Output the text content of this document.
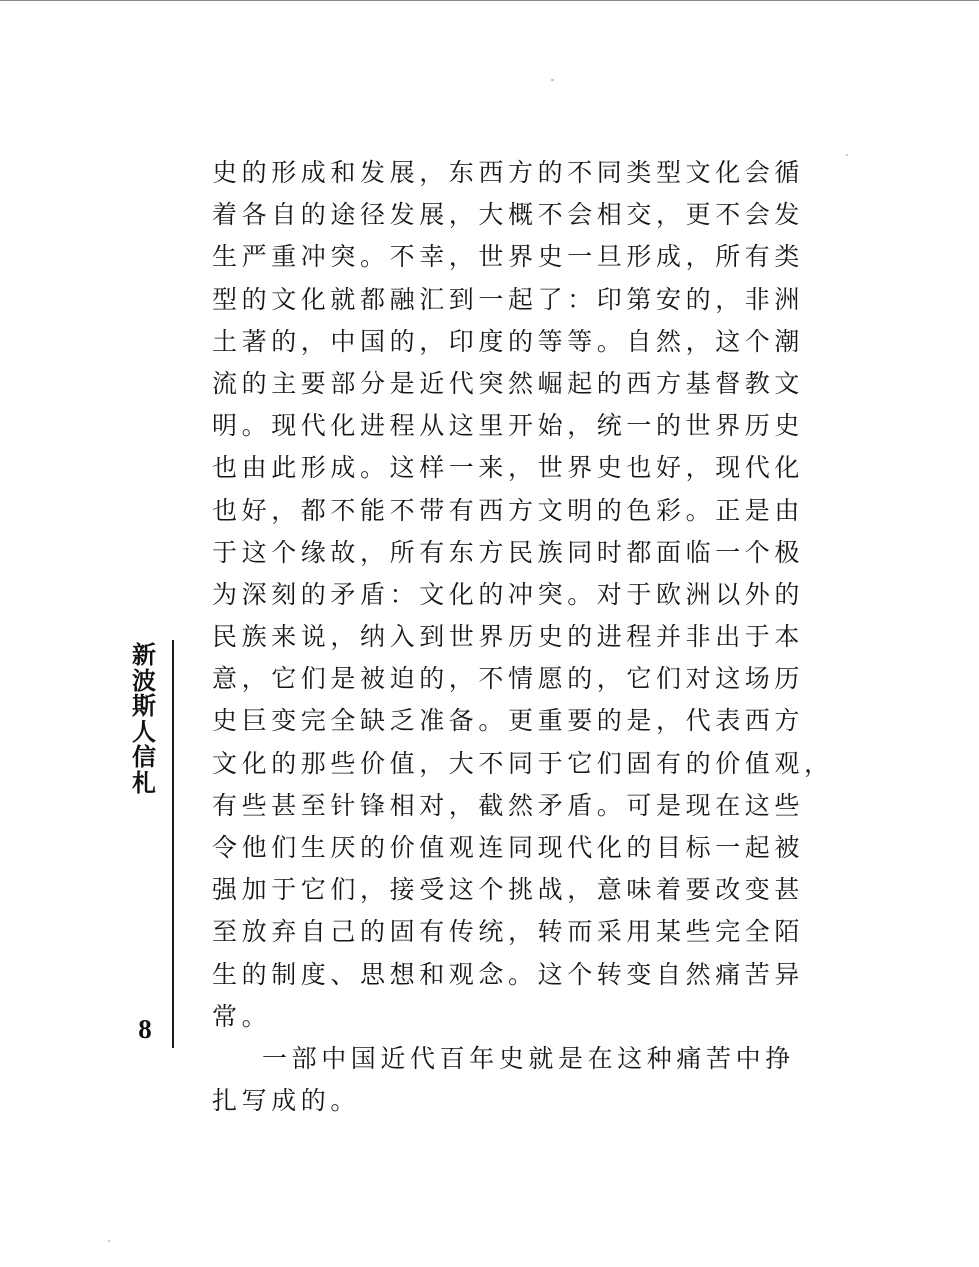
史的形成和发展，东西方的不同类型文化会循
着各自的途径发展，大概不会相交，更不会发
生严重冲突。不幸，世界史一旦形成，所有类
型的文化就都融汇到一起了：印第安的，非洲
土著的，中国的，印度的等等。自然，这个潮
流的主要部分是近代突然崛起的西方基督教文
明。现代化进程从这里开始，统一的世界历史
也由此形成。这样一来，世界史也好，现代化
也好，都不能不带有西方文明的色彩。正是由
于这个缘故，所有东方民族同时都面临一个极
为深刻的矛盾：文化的冲突。对于欧洲以外的
民族来说，纳入到世界历史的进程并非出于本
意，它们是被迫的，不情愿的，它们对这场历
史巨变完全缺乏准备。更重要的是，代表西方
文化的那些价值，大不同于它们固有的价值观，
有些甚至针锋相对，截然矛盾。可是现在这些
令他们生厌的价值观连同现代化的目标一起被
强加于它们，接受这个挑战，意味着要改变甚
至放弃自己的固有传统，转而采用某些完全陌
生的制度、思想和观念。这个转变自然痛苦异
常。
一部中国近代百年史就是在这种痛苦中挣
扎写成的。
新波斯人信札
8
